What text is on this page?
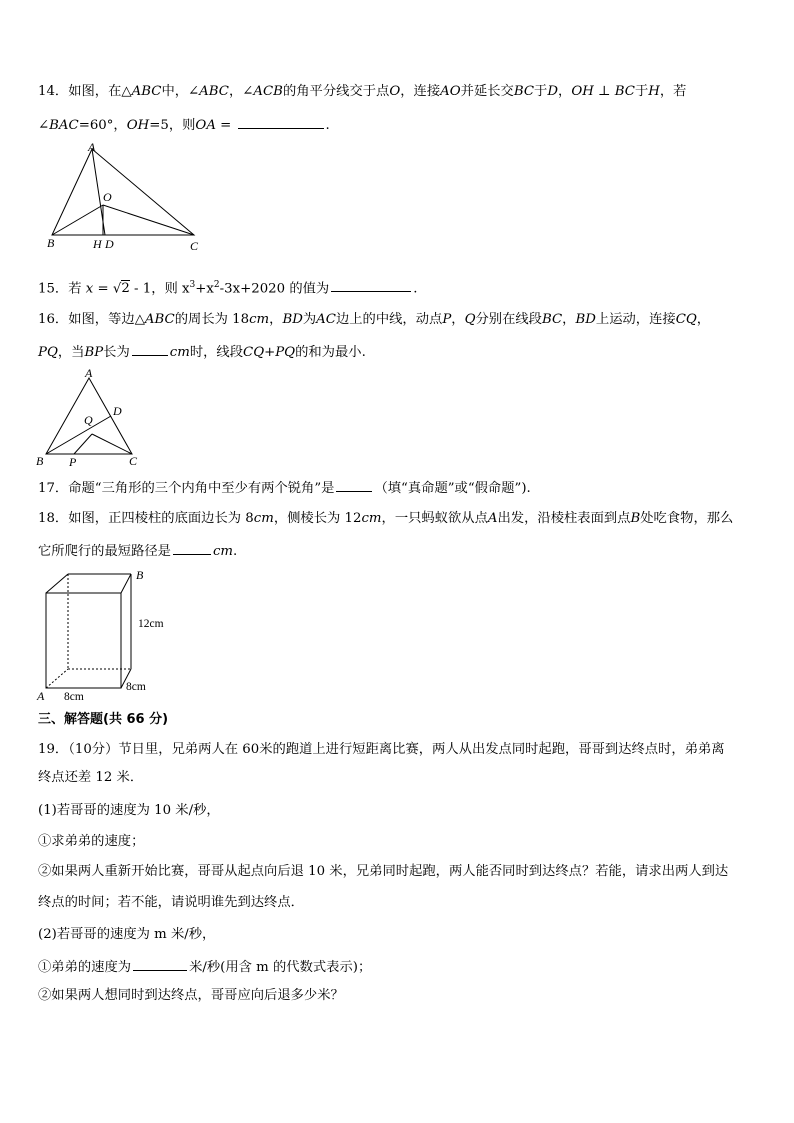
14．如图，在△ABC中，∠ABC，∠ACB的角平分线交于点O，连接AO并延长交BC于D，OH ⊥ BC于H，若
∠BAC=60°，OH=5，则OA =	.
A
B	C
O
H D
15．若 x = √2 - 1，则 $x^3+x^2-3x+2020$ 的值为	.
16．如图，等边△ABC的周长为 18cm，BD为AC边上的中线，动点P，Q分别在线段BC，BD上运动，连接CQ，
PQ，当BP长为	cm时，线段CQ+PQ的和为最小.
A
B	C
D
Q
P
17．命题“三角形的三个内角中至少有两个锐角”是	（填“真命题”或“假命题”).
18．如图，正四棱柱的底面边长为 8cm，侧棱长为 12cm，一只蚂蚁欲从点A出发，沿棱柱表面到点B处吃食物，那么
它所爬行的最短路径是	cm.
B
A
12cm
8cm
8cm
三、解答题(共 66 分)
19．（10分）节日里，兄弟两人在 60米的跑道上进行短距离比赛，两人从出发点同时起跑，哥哥到达终点时，弟弟离
终点还差 12 米．
(1)若哥哥的速度为 10 米/秒，
①求弟弟的速度；
②如果两人重新开始比赛，哥哥从起点向后退 10 米，兄弟同时起跑，两人能否同时到达终点？若能，请求出两人到达
终点的时间；若不能，请说明谁先到达终点．
(2)若哥哥的速度为 m 米/秒，
①弟弟的速度为	米/秒(用含 m 的代数式表示)；
②如果两人想同时到达终点，哥哥应向后退多少米？
